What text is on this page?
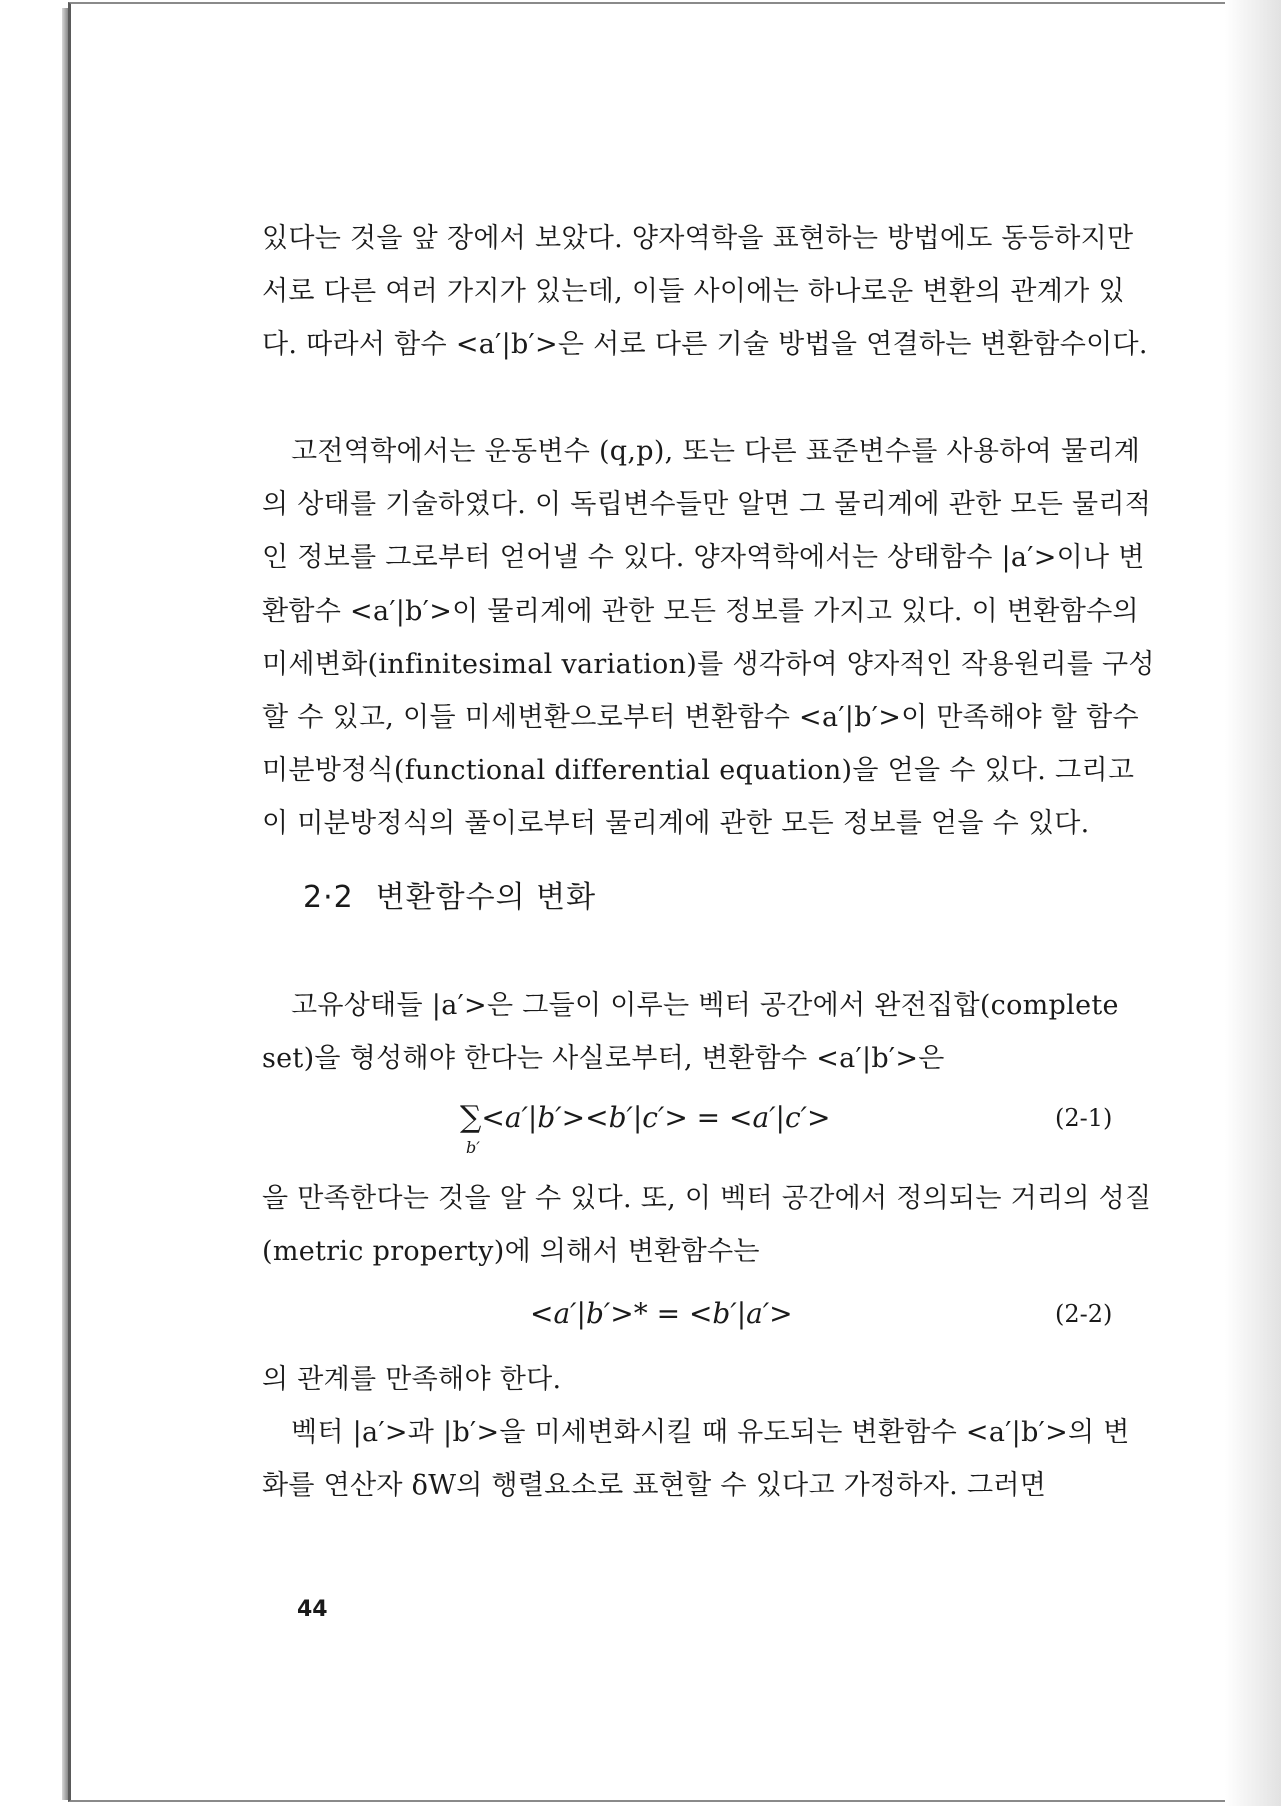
있다는 것을 앞 장에서 보았다. 양자역학을 표현하는 방법에도 동등하지만 서로 다른 여러 가지가 있는데, 이들 사이에는 하나로운 변환의 관계가 있다. 따라서 함수 <a′|b′>은 서로 다른 기술 방법을 연결하는 변환함수이다.

고전역학에서는 운동변수 (q,p), 또는 다른 표준변수를 사용하여 물리계의 상태를 기술하였다. 이 독립변수들만 알면 그 물리계에 관한 모든 물리적인 정보를 그로부터 얻어낼 수 있다. 양자역학에서는 상태함수 |a′>이나 변환함수 <a′|b′>이 물리계에 관한 모든 정보를 가지고 있다. 이 변환함수의 미세변화(infinitesimal variation)를 생각하여 양자적인 작용원리를 구성할 수 있고, 이들 미세변환으로부터 변환함수 <a′|b′>이 만족해야 할 함수미분방정식(functional differential equation)을 얻을 수 있다. 그리고 이 미분방정식의 풀이로부터 물리계에 관한 모든 정보를 얻을 수 있다.

2·2 변환함수의 변화

고유상태들 |a′>은 그들이 이루는 벡터 공간에서 완전집합(complete set)을 형성해야 한다는 사실로부터, 변환함수 <a′|b′>은

∑
b′
<a′|b′><b′|c′> = <a′|c′>	(2-1)

을 만족한다는 것을 알 수 있다. 또, 이 벡터 공간에서 정의되는 거리의 성질(metric property)에 의해서 변환함수는

<a′|b′>* = <b′|a′>	(2-2)

의 관계를 만족해야 한다.

벡터 |a′>과 |b′>을 미세변화시킬 때 유도되는 변환함수 <a′|b′>의 변화를 연산자 δW의 행렬요소로 표현할 수 있다고 가정하자. 그러면

44
